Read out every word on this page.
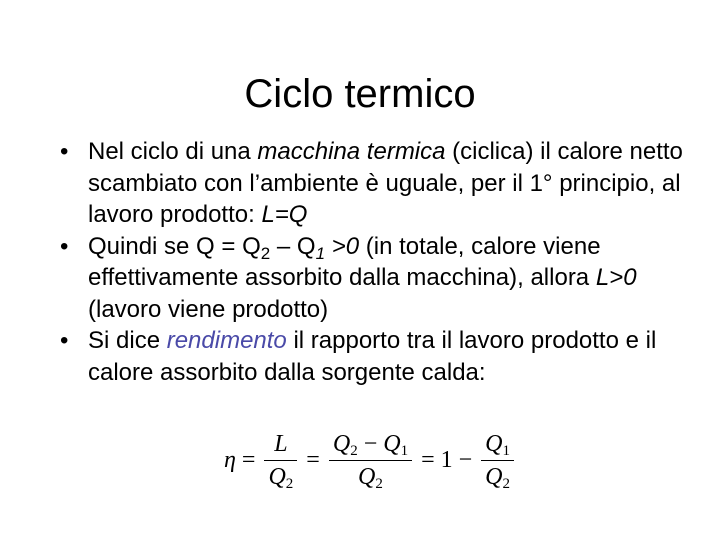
Ciclo termico
• Nel ciclo di una macchina termica (ciclica) il calore netto scambiato con l’ambiente è uguale, per il 1° principio, al lavoro prodotto: L=Q
• Quindi se $Q = Q_2 - Q_1 >0$ (in totale, calore viene effettivamente assorbito dalla macchina), allora L>0 (lavoro viene prodotto)
• Si dice rendimento il rapporto tra il lavoro prodotto e il calore assorbito dalla sorgente calda:
$\eta = \frac{L}{Q2} = \frac{Q2 - Q1}{Q2} = 1 - \frac{Q1}{Q2}$
